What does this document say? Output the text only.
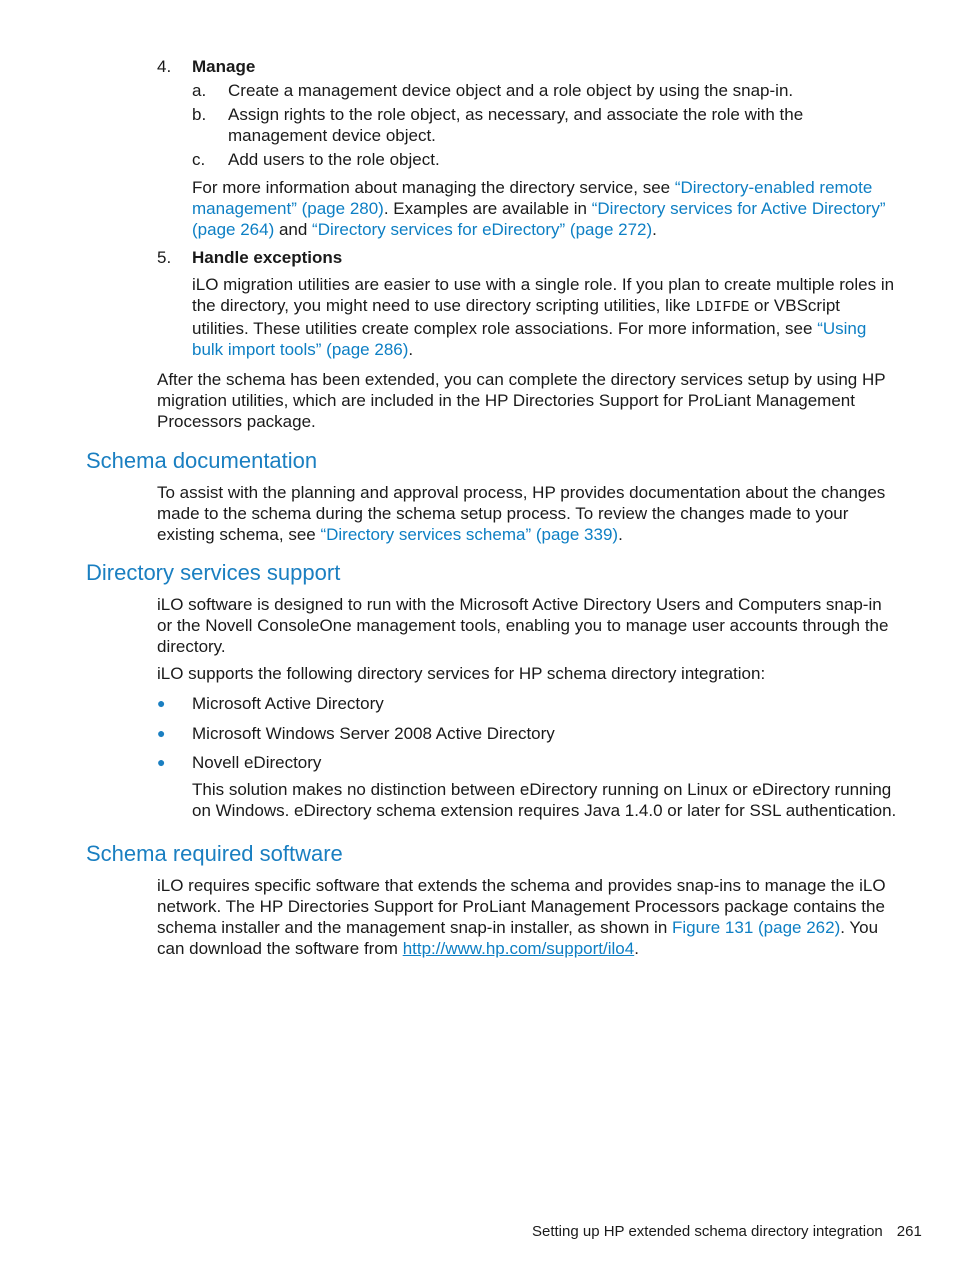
4. Manage
a. Create a management device object and a role object by using the snap-in.
b. Assign rights to the role object, as necessary, and associate the role with the management device object.
c. Add users to the role object.
For more information about managing the directory service, see “Directory-enabled remote management” (page 280). Examples are available in “Directory services for Active Directory” (page 264) and “Directory services for eDirectory” (page 272).
5. Handle exceptions
iLO migration utilities are easier to use with a single role. If you plan to create multiple roles in the directory, you might need to use directory scripting utilities, like LDIFDE or VBScript utilities. These utilities create complex role associations. For more information, see “Using bulk import tools” (page 286).
After the schema has been extended, you can complete the directory services setup by using HP migration utilities, which are included in the HP Directories Support for ProLiant Management Processors package.
Schema documentation
To assist with the planning and approval process, HP provides documentation about the changes made to the schema during the schema setup process. To review the changes made to your existing schema, see “Directory services schema” (page 339).
Directory services support
iLO software is designed to run with the Microsoft Active Directory Users and Computers snap-in or the Novell ConsoleOne management tools, enabling you to manage user accounts through the directory.
iLO supports the following directory services for HP schema directory integration:
● Microsoft Active Directory
● Microsoft Windows Server 2008 Active Directory
● Novell eDirectory
This solution makes no distinction between eDirectory running on Linux or eDirectory running on Windows. eDirectory schema extension requires Java 1.4.0 or later for SSL authentication.
Schema required software
iLO requires specific software that extends the schema and provides snap-ins to manage the iLO network. The HP Directories Support for ProLiant Management Processors package contains the schema installer and the management snap-in installer, as shown in Figure 131 (page 262). You can download the software from http://www.hp.com/support/ilo4.
Setting up HP extended schema directory integration 261
